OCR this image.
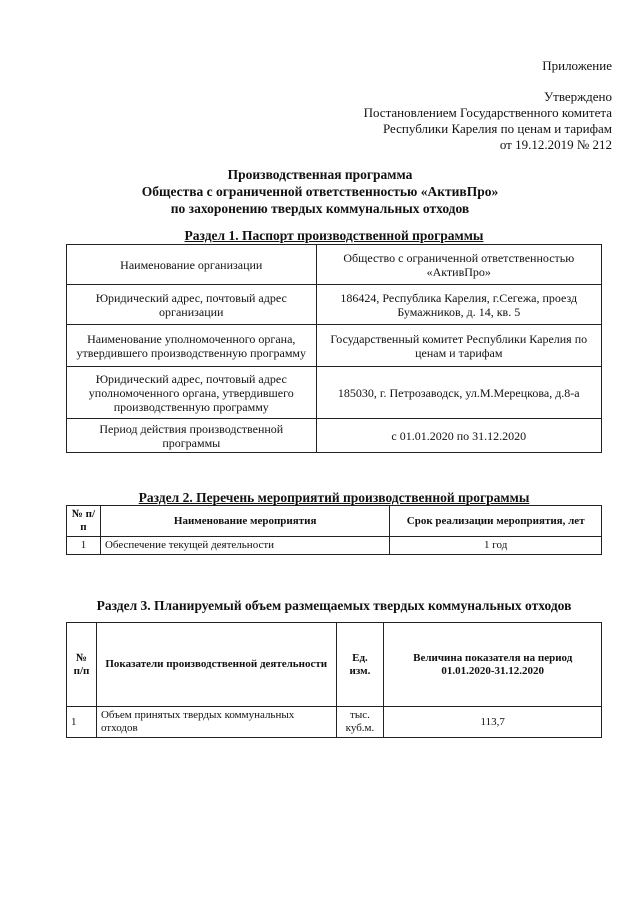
Приложение
Утверждено
Постановлением Государственного комитета
Республики Карелия по ценам и тарифам
от 19.12.2019 № 212
Производственная программа
Общества с ограниченной ответственностью «АктивПро»
по захоронению твердых коммунальных отходов
Раздел 1. Паспорт производственной программы
Наименование организации	Общество с ограниченной ответственностью «АктивПро»
Юридический адрес, почтовый адрес организации	186424, Республика Карелия, г.Сегежа, проезд Бумажников, д. 14, кв. 5
Наименование уполномоченного органа, утвердившего производственную программу	Государственный комитет Республики Карелия по ценам и тарифам
Юридический адрес, почтовый адрес уполномоченного органа, утвердившего производственную программу	185030, г. Петрозаводск, ул.М.Мерецкова, д.8-а
Период действия производственной программы	с 01.01.2020 по 31.12.2020
Раздел 2. Перечень мероприятий производственной программы
№ п/п	Наименование мероприятия	Срок реализации мероприятия, лет
1	Обеспечение текущей деятельности	1 год
Раздел 3. Планируемый объем размещаемых твердых коммунальных отходов
№ п/п	Показатели производственной деятельности	Ед. изм.	Величина показателя на период 01.01.2020-31.12.2020
1	Объем принятых твердых коммунальных отходов	тыс. куб.м.	113,7
